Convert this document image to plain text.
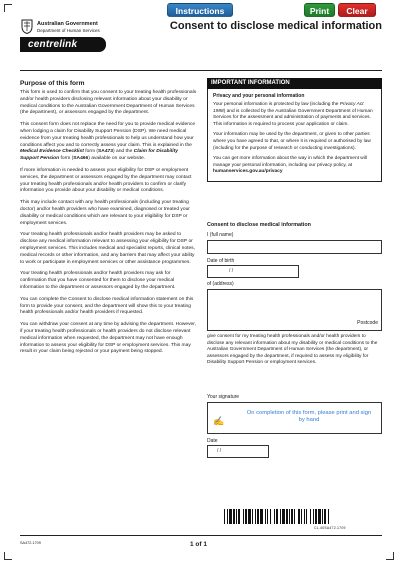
Instructions	Print	Clear
Australian Government
Department of Human Services
centrelink
Consent to disclose medical information
Purpose of this form

This form is used to confirm that you consent to your treating health professionals and/or health providers disclosing relevant information about your disability or medical conditions to the Australian Government Department of Human Services (the department), or assessors engaged by the department.

This consent form does not replace the need for you to provide medical evidence when lodging a claim for Disability Support Pension (DSP). We need medical evidence from your treating health professionals to help us understand how your conditions affect you and to correctly assess your claim. This is explained in the Medical Evidence Checklist form (SA473) and the Claim for Disability Support Pension form (SA466) available on our website.

If more information is needed to assess your eligibility for DSP or employment services, the department or assessors engaged by the department may contact your treating health professionals and/or health providers to confirm or clarify information you provide about your disability or medical conditions.

This may include contact with any health professionals (including your treating doctor) and/or health providers who have examined, diagnosed or treated your disability or medical conditions which are relevant to your eligibility for DSP or employment services.

Your treating health professionals and/or health providers may be asked to disclose any medical information relevant to assessing your eligibility for DSP or employment services. This includes medical and specialist reports, clinical notes, medical records or other information, and any barriers that may affect your ability to work or participate in employment services or other assistance programmes.

Your treating health professionals and/or health providers may ask for confirmation that you have consented for them to disclose your medical information to the department or assessors engaged by the department.

You can complete the Consent to disclose medical information statement on this form to provide your consent, and the department will show this to your treating health professionals and/or health providers if requested.

You can withdraw your consent at any time by advising the department. However, if your treating health professionals or health providers do not disclose relevant medical information when requested, the department may not have enough information to assess your eligibility for DSP or employment services. This may result in your claim being rejected or your payment being stopped.

IMPORTANT INFORMATION
Privacy and your personal information

Your personal information is protected by law (including the Privacy Act 1988) and is collected by the Australian Government Department of Human Services for the assessment and administration of payments and services. This information is required to process your application or claim.

Your information may be used by the department, or given to other parties where you have agreed to that, or where it is required or authorised by law (including for the purpose of research or conducting investigations).

You can get more information about the way in which the department will manage your personal information, including our privacy policy, at humanservices.gov.au/privacy

Consent to disclose medical information
I (full name)
Date of birth
/ /
of (address)
Postcode

give consent for my treating health professionals and/or health providers to disclose any relevant information about my disability or medical conditions to the Australian Government Department of Human Services (the department), or assessors engaged by the department, if required to assess my eligibility for Disability Support Pension or employment services.

Your signature
✍
On completion of this form, please print and sign by hand
Date
/ /
CL.40SA472.1709
SA472.1709	1 of 1
